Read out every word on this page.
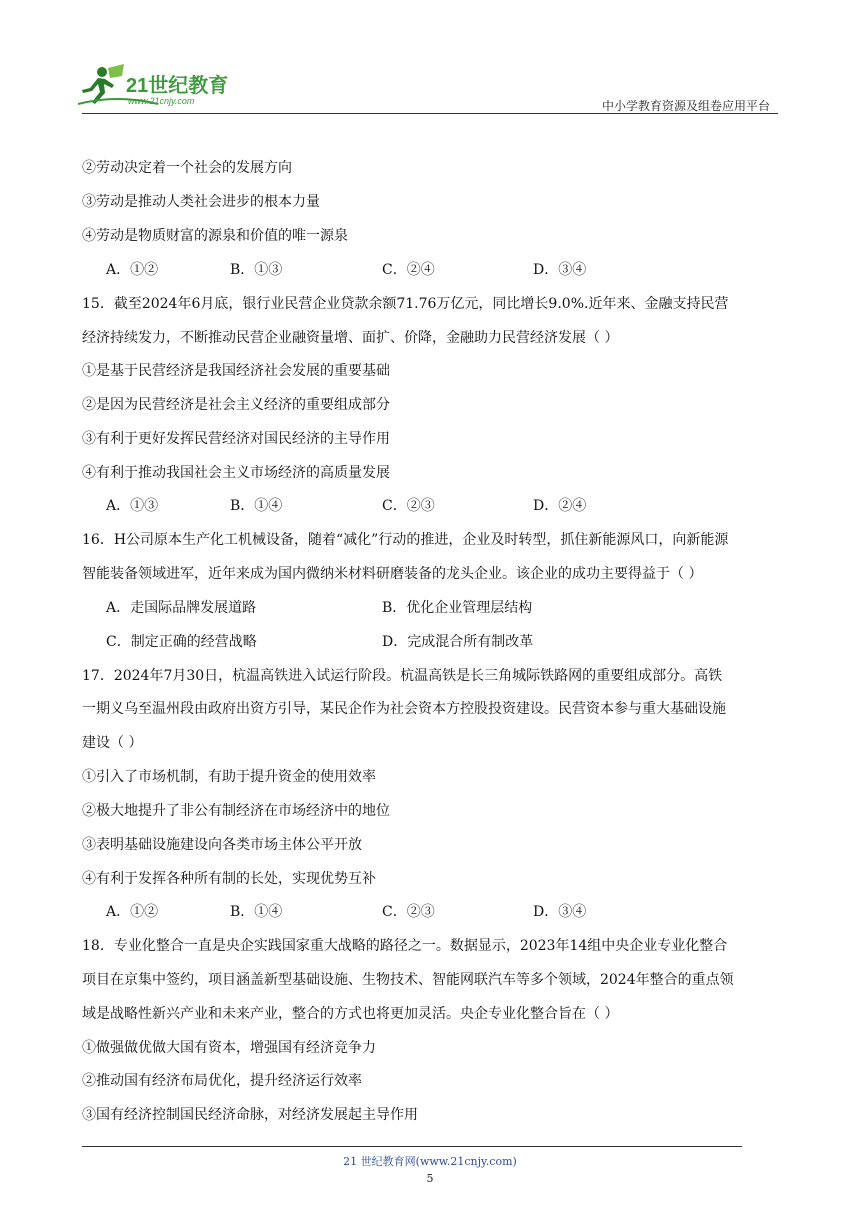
21世纪教育
www.21cnjy.com	中小学教育资源及组卷应用平台
②劳动决定着一个社会的发展方向
③劳动是推动人类社会进步的根本力量
④劳动是物质财富的源泉和价值的唯一源泉
A．①②	B．①③	C．②④	D．③④
15．截至2024年6月底，银行业民营企业贷款余额71.76万亿元，同比增长9.0%.近年来、金融支持民营
经济持续发力，不断推动民营企业融资量增、面扩、价降，金融助力民营经济发展（ ）
①是基于民营经济是我国经济社会发展的重要基础
②是因为民营经济是社会主义经济的重要组成部分
③有利于更好发挥民营经济对国民经济的主导作用
④有利于推动我国社会主义市场经济的高质量发展
A．①③	B．①④	C．②③	D．②④
16．H公司原本生产化工机械设备，随着“减化”行动的推进，企业及时转型，抓住新能源风口，向新能源
智能装备领域进军，近年来成为国内微纳米材料研磨装备的龙头企业。该企业的成功主要得益于（ ）
A．走国际品牌发展道路	B．优化企业管理层结构
C．制定正确的经营战略	D．完成混合所有制改革
17．2024年7月30日，杭温高铁进入试运行阶段。杭温高铁是长三角城际铁路网的重要组成部分。高铁
一期义乌至温州段由政府出资方引导，某民企作为社会资本方控股投资建设。民营资本参与重大基础设施
建设（ ）
①引入了市场机制，有助于提升资金的使用效率
②极大地提升了非公有制经济在市场经济中的地位
③表明基础设施建设向各类市场主体公平开放
④有利于发挥各种所有制的长处，实现优势互补
A．①②	B．①④	C．②③	D．③④
18．专业化整合一直是央企实践国家重大战略的路径之一。数据显示，2023年14组中央企业专业化整合
项目在京集中签约，项目涵盖新型基础设施、生物技术、智能网联汽车等多个领域，2024年整合的重点领
域是战略性新兴产业和未来产业，整合的方式也将更加灵活。央企专业化整合旨在（ ）
①做强做优做大国有资本，增强国有经济竞争力
②推动国有经济布局优化，提升经济运行效率
③国有经济控制国民经济命脉，对经济发展起主导作用
21 世纪教育网(www.21cnjy.com)
5
